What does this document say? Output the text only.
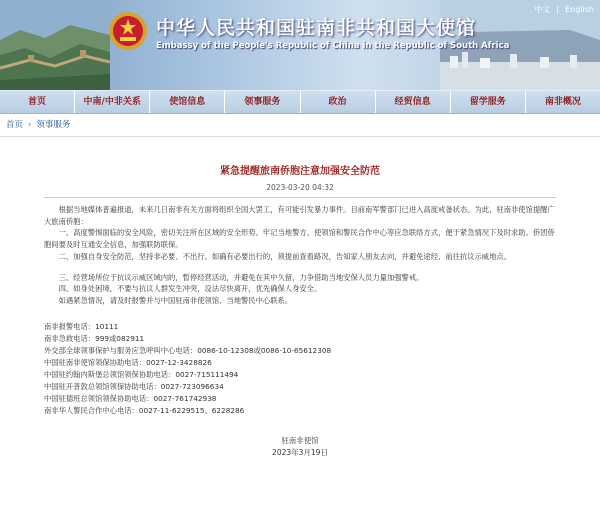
中华人民共和国驻南非共和国大使馆
Embassy of the People's Republic of China in the Republic of South Africa
中文 | English
首页	中南/中非关系	使馆信息	领事服务	政治	经贸信息	留学服务	南非概况
首页 › 领事服务
紧急提醒旅南侨胞注意加强安全防范
2023-03-20 04:32

根据当地媒体普遍报道，未来几日南非有关方面将组织全国大罢工，有可能引发暴力事件。目前南军警部门已进入高度戒备状态。为此，驻南非使馆提醒广大旅南侨胞：

一、高度警惕面临的安全风险，密切关注所在区域的安全形势。牢记当地警方、使领馆和警民合作中心等应急联络方式，便于紧急情况下及时求助。侨团侨胞间要及时互通安全信息，加强联防联保。

二、加强自身安全防范，坚持非必要、不出行。如确有必要出行的，须提前查看路况，告知家人朋友去向，并避免途经、前往抗议示威地点。

三、经营场所位于抗议示威区域内的，暂停经营活动，并避免在其中久留，力争借助当地安保人员力量加强警戒。

四、如身处困境，不要与抗议人群发生冲突，设法尽快离开，优先确保人身安全。

如遇紧急情况，请及时报警并与中国驻南非使领馆、当地警民中心联系。

南非报警电话：10111
南非急救电话：999或082911
外交部全球领事保护与服务应急呼叫中心电话：0086-10-12308或0086-10-65612308
中国驻南非使馆领保协助电话：0027-12-3428826
中国驻约翰内斯堡总领馆领保协助电话：0027-715111494
中国驻开普敦总领馆领保协助电话：0027-723096634
中国驻德班总领馆领保协助电话：0027-761742938
南非华人警民合作中心电话：0027-11-6229515、6228286
驻南非使馆
2023年3月19日
